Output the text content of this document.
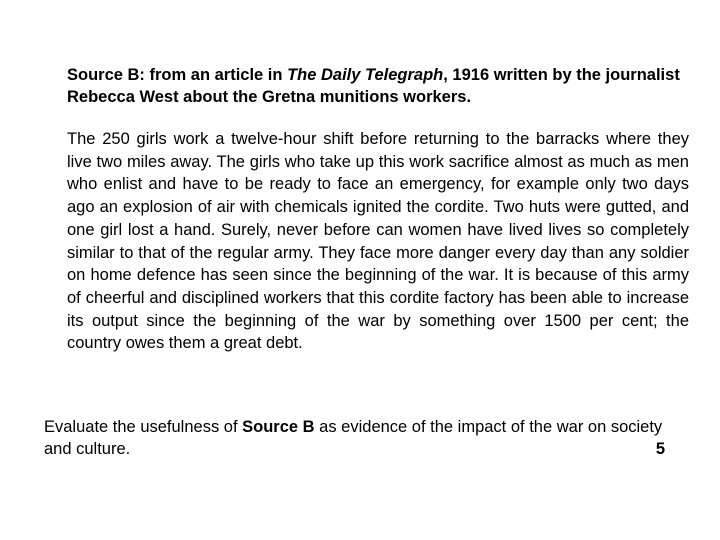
Source B: from an article in The Daily Telegraph, 1916 written by the journalist Rebecca West about the Gretna munitions workers.

The 250 girls work a twelve-hour shift before returning to the barracks where they live two miles away. The girls who take up this work sacrifice almost as much as men who enlist and have to be ready to face an emergency, for example only two days ago an explosion of air with chemicals ignited the cordite. Two huts were gutted, and one girl lost a hand. Surely, never before can women have lived lives so completely similar to that of the regular army. They face more danger every day than any soldier on home defence has seen since the beginning of the war. It is because of this army of cheerful and disciplined workers that this cordite factory has been able to increase its output since the beginning of the war by something over 1500 per cent; the country owes them a great debt.

Evaluate the usefulness of Source B as evidence of the impact of the war on society and culture.	5
